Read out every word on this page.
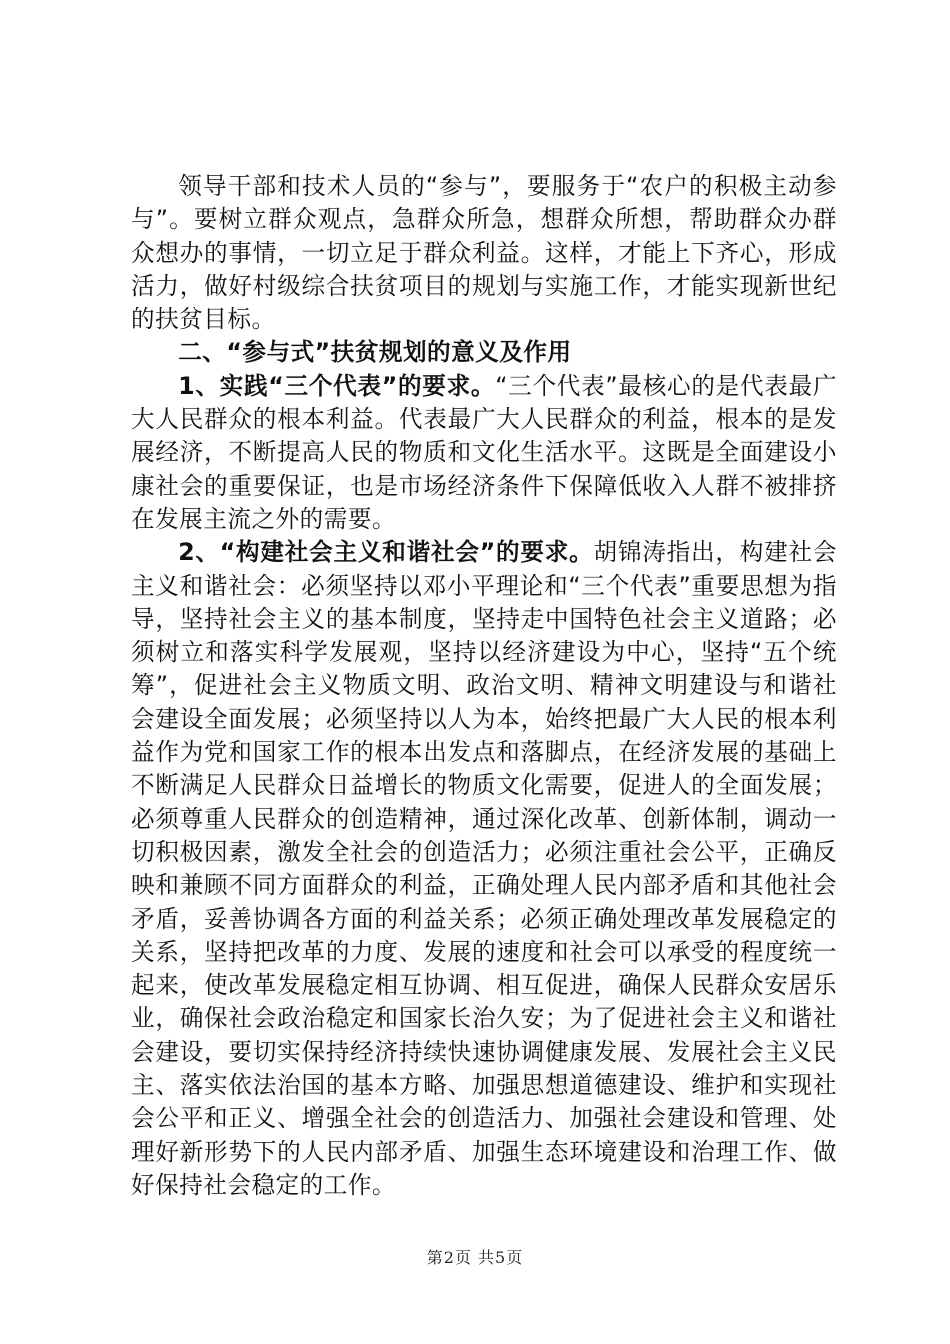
领导干部和技术人员的“参与”，要服务于“农户的积极主动参与”。要树立群众观点，急群众所急，想群众所想，帮助群众办群众想办的事情，一切立足于群众利益。这样，才能上下齐心，形成活力，做好村级综合扶贫项目的规划与实施工作，才能实现新世纪的扶贫目标。

二、“参与式”扶贫规划的意义及作用

1、实践“三个代表”的要求。“三个代表”最核心的是代表最广大人民群众的根本利益。代表最广大人民群众的利益，根本的是发展经济，不断提高人民的物质和文化生活水平。这既是全面建设小康社会的重要保证，也是市场经济条件下保障低收入人群不被排挤在发展主流之外的需要。

2、“构建社会主义和谐社会”的要求。胡锦涛指出，构建社会主义和谐社会：必须坚持以邓小平理论和“三个代表”重要思想为指导，坚持社会主义的基本制度，坚持走中国特色社会主义道路；必须树立和落实科学发展观，坚持以经济建设为中心，坚持“五个统筹”，促进社会主义物质文明、政治文明、精神文明建设与和谐社会建设全面发展；必须坚持以人为本，始终把最广大人民的根本利益作为党和国家工作的根本出发点和落脚点，在经济发展的基础上不断满足人民群众日益增长的物质文化需要，促进人的全面发展；必须尊重人民群众的创造精神，通过深化改革、创新体制，调动一切积极因素，激发全社会的创造活力；必须注重社会公平，正确反映和兼顾不同方面群众的利益，正确处理人民内部矛盾和其他社会矛盾，妥善协调各方面的利益关系；必须正确处理改革发展稳定的关系，坚持把改革的力度、发展的速度和社会可以承受的程度统一起来，使改革发展稳定相互协调、相互促进，确保人民群众安居乐业，确保社会政治稳定和国家长治久安；为了促进社会主义和谐社会建设，要切实保持经济持续快速协调健康发展、发展社会主义民主、落实依法治国的基本方略、加强思想道德建设、维护和实现社会公平和正义、增强全社会的创造活力、加强社会建设和管理、处理好新形势下的人民内部矛盾、加强生态环境建设和治理工作、做好保持社会稳定的工作。

第2页 共5页
